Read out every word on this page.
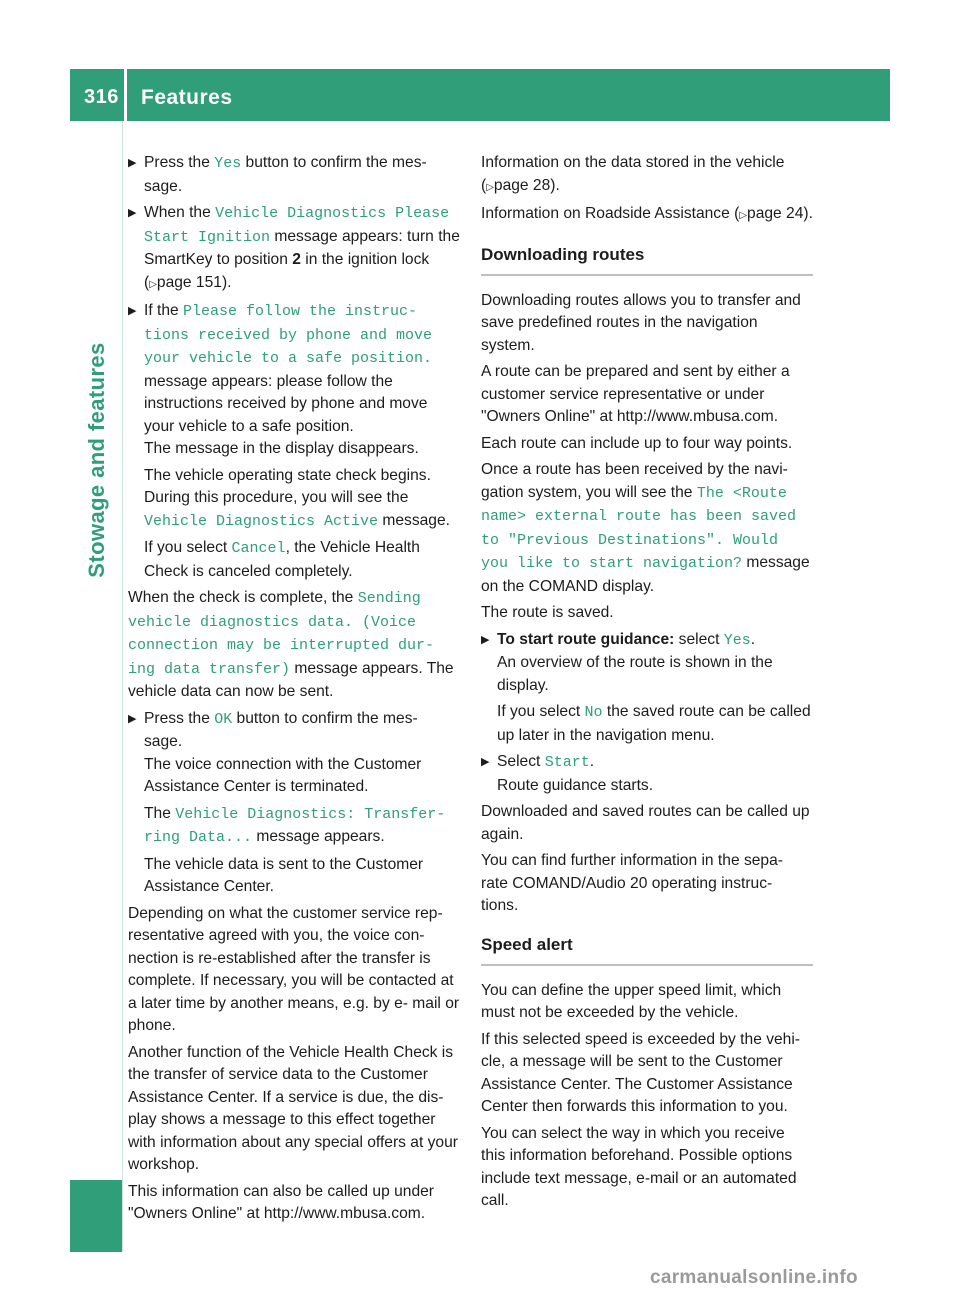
316 Features
Stowage and features
▶ Press the Yes button to confirm the mes- sage.
▶ When the Vehicle Diagnostics Please Start Ignition message appears: turn the SmartKey to position 2 in the ignition lock (▷page 151).
▶ If the Please follow the instruc‐ tions received by phone and move your vehicle to a safe position. message appears: please follow the instructions received by phone and move your vehicle to a safe position.
The message in the display disappears.

The vehicle operating state check begins. During this procedure, you will see the Vehicle Diagnostics Active message.

If you select Cancel, the Vehicle Health Check is canceled completely.

When the check is complete, the Sending vehicle diagnostics data. (Voice connection may be interrupted dur‐ ing data transfer) message appears. The vehicle data can now be sent.

▶ Press the OK button to confirm the mes- sage.
The voice connection with the Customer Assistance Center is terminated.

The Vehicle Diagnostics: Transfer‐ ring Data... message appears.

The vehicle data is sent to the Customer Assistance Center.

Depending on what the customer service rep- resentative agreed with you, the voice con- nection is re-established after the transfer is complete. If necessary, you will be contacted at a later time by another means, e.g. by e- mail or phone.

Another function of the Vehicle Health Check is the transfer of service data to the Customer Assistance Center. If a service is due, the dis- play shows a message to this effect together with information about any special offers at your workshop.

This information can also be called up under "Owners Online" at http://www.mbusa.com.

Information on the data stored in the vehicle (▷page 28).

Information on Roadside Assistance (▷page 24).

Downloading routes

Downloading routes allows you to transfer and save predefined routes in the navigation system.

A route can be prepared and sent by either a customer service representative or under "Owners Online" at http://www.mbusa.com.

Each route can include up to four way points.

Once a route has been received by the navi- gation system, you will see the The <Route name> external route has been saved to "Previous Destinations". Would you like to start navigation? message on the COMAND display.

The route is saved.

▶ To start route guidance: select Yes.
An overview of the route is shown in the display.

If you select No the saved route can be called up later in the navigation menu.

▶ Select Start.
Route guidance starts.

Downloaded and saved routes can be called up again.

You can find further information in the sepa- rate COMAND/Audio 20 operating instruc- tions.

Speed alert

You can define the upper speed limit, which must not be exceeded by the vehicle.

If this selected speed is exceeded by the vehi- cle, a message will be sent to the Customer Assistance Center. The Customer Assistance Center then forwards this information to you.

You can select the way in which you receive this information beforehand. Possible options include text message, e-mail or an automated call.

carmanualsonline.info
